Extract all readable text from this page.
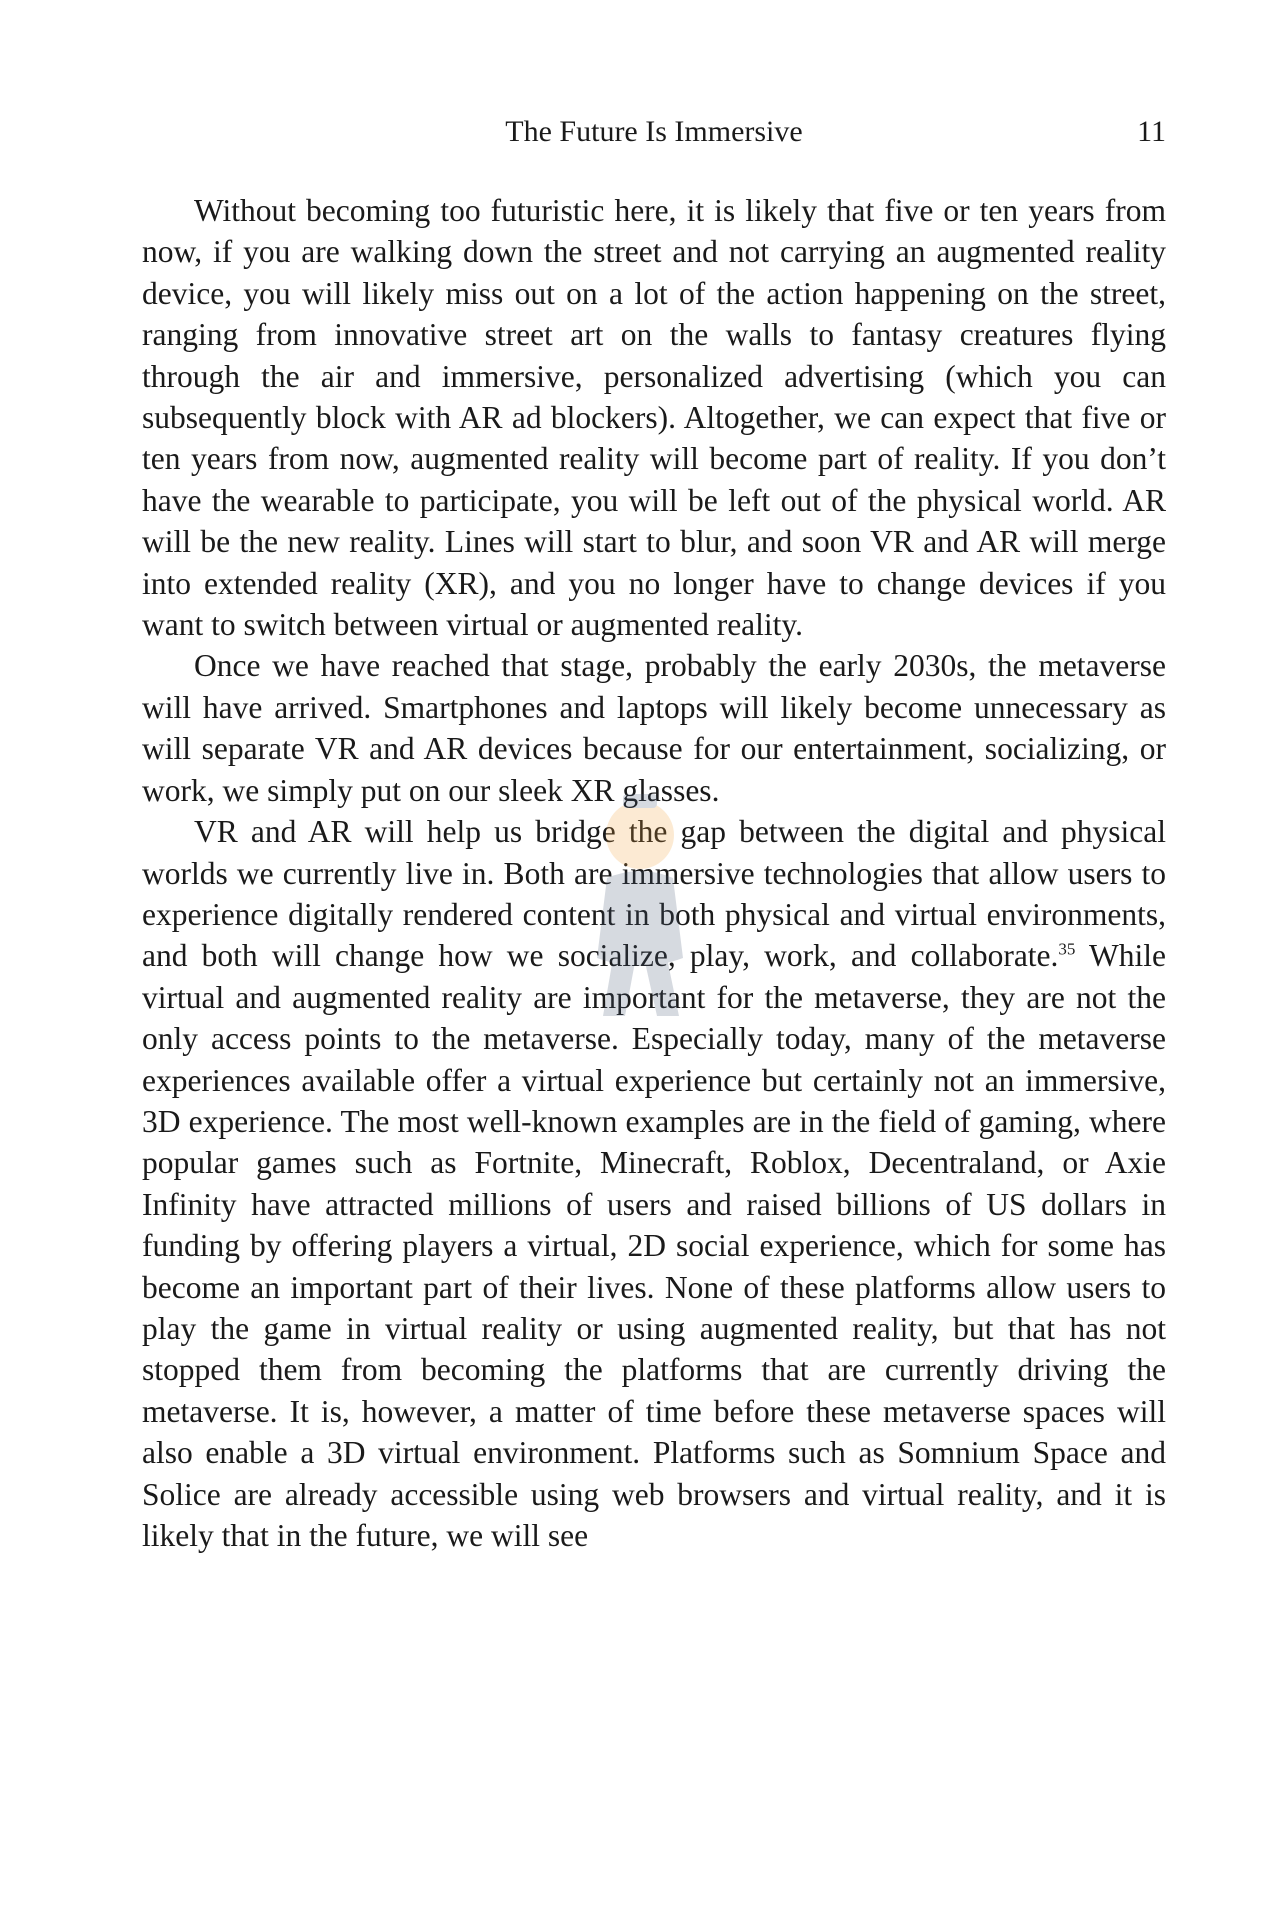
The Future Is Immersive	11

Without becoming too futuristic here, it is likely that five or ten years from now, if you are walking down the street and not carrying an augmented reality device, you will likely miss out on a lot of the action happening on the street, ranging from innovative street art on the walls to fantasy creatures flying through the air and immersive, personalized advertising (which you can subsequently block with AR ad blockers). Altogether, we can expect that five or ten years from now, augmented reality will become part of reality. If you don’t have the wearable to participate, you will be left out of the physical world. AR will be the new reality. Lines will start to blur, and soon VR and AR will merge into extended reality (XR), and you no longer have to change devices if you want to switch between virtual or augmented reality.

Once we have reached that stage, probably the early 2030s, the metaverse will have arrived. Smartphones and laptops will likely become unnecessary as will separate VR and AR devices because for our entertainment, socializing, or work, we simply put on our sleek XR glasses.

VR and AR will help us bridge the gap between the digital and physical worlds we currently live in. Both are immersive technologies that allow users to experience digitally rendered content in both physical and virtual environments, and both will change how we socialize, play, work, and collaborate.$^{35}$ While virtual and augmented reality are important for the metaverse, they are not the only access points to the metaverse. Especially today, many of the metaverse experiences available offer a virtual experience but certainly not an immersive, 3D experience. The most well-known examples are in the field of gaming, where popular games such as Fortnite, Minecraft, Roblox, Decentraland, or Axie Infinity have attracted millions of users and raised billions of US dollars in funding by offering players a virtual, 2D social experience, which for some has become an important part of their lives. None of these platforms allow users to play the game in virtual reality or using augmented reality, but that has not stopped them from becoming the platforms that are currently driving the metaverse. It is, however, a matter of time before these metaverse spaces will also enable a 3D virtual environment. Platforms such as Somnium Space and Solice are already accessible using web browsers and virtual reality, and it is likely that in the future, we will see
